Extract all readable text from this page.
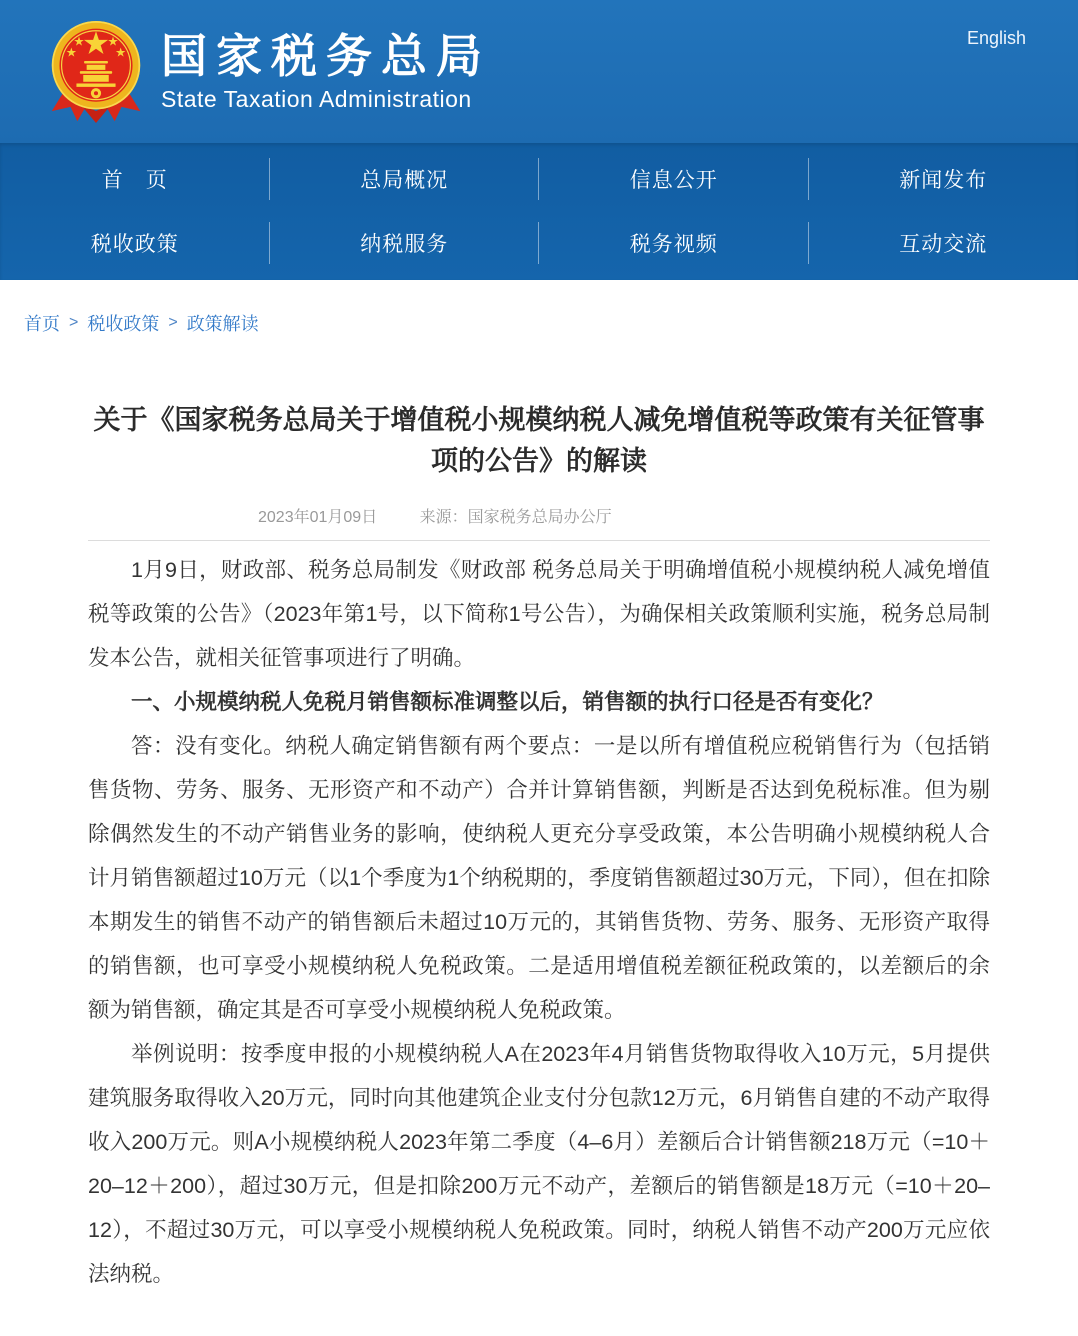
国家税务总局
State Taxation Administration
English
首　页	总局概况	信息公开	新闻发布
税收政策	纳税服务	税务视频	互动交流
首页 > 税收政策 > 政策解读
关于《国家税务总局关于增值税小规模纳税人减免增值税等政策有关征管事项的公告》的解读
2023年01月09日	来源：国家税务总局办公厅

1月9日，财政部、税务总局制发《财政部 税务总局关于明确增值税小规模纳税人减免增值税等政策的公告》（2023年第1号，以下简称1号公告），为确保相关政策顺利实施，税务总局制发本公告，就相关征管事项进行了明确。

一、小规模纳税人免税月销售额标准调整以后，销售额的执行口径是否有变化？

答：没有变化。纳税人确定销售额有两个要点：一是以所有增值税应税销售行为（包括销售货物、劳务、服务、无形资产和不动产）合并计算销售额，判断是否达到免税标准。但为剔除偶然发生的不动产销售业务的影响，使纳税人更充分享受政策，本公告明确小规模纳税人合计月销售额超过10万元（以1个季度为1个纳税期的，季度销售额超过30万元，下同），但在扣除本期发生的销售不动产的销售额后未超过10万元的，其销售货物、劳务、服务、无形资产取得的销售额，也可享受小规模纳税人免税政策。二是适用增值税差额征税政策的，以差额后的余额为销售额，确定其是否可享受小规模纳税人免税政策。

举例说明：按季度申报的小规模纳税人A在2023年4月销售货物取得收入10万元，5月提供建筑服务取得收入20万元，同时向其他建筑企业支付分包款12万元，6月销售自建的不动产取得收入200万元。则A小规模纳税人2023年第二季度（4–6月）差额后合计销售额218万元（=10＋20–12＋200），超过30万元，但是扣除200万元不动产，差额后的销售额是18万元（=10＋20–12），不超过30万元，可以享受小规模纳税人免税政策。同时，纳税人销售不动产200万元应依法纳税。
